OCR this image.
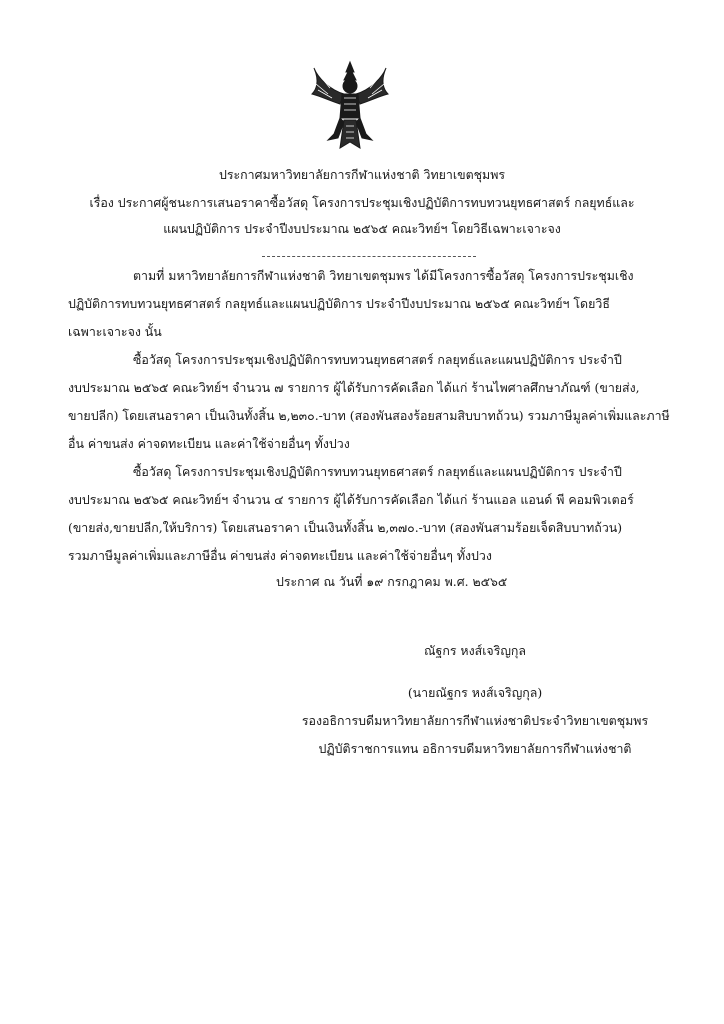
ประกาศมหาวิทยาลัยการกีฬาแห่งชาติ วิทยาเขตชุมพร
เรื่อง ประกาศผู้ชนะการเสนอราคาซื้อวัสดุ โครงการประชุมเชิงปฏิบัติการทบทวนยุทธศาสตร์ กลยุทธ์และ
แผนปฏิบัติการ ประจำปีงบประมาณ ๒๕๖๕ คณะวิทย์ฯ โดยวิธีเฉพาะเจาะจง
ตามที่ มหาวิทยาลัยการกีฬาแห่งชาติ วิทยาเขตชุมพร ได้มีโครงการซื้อวัสดุ โครงการประชุมเชิง
ปฏิบัติการทบทวนยุทธศาสตร์ กลยุทธ์และแผนปฏิบัติการ ประจำปีงบประมาณ ๒๕๖๕ คณะวิทย์ฯ โดยวิธี
เฉพาะเจาะจง นั้น
ซื้อวัสดุ โครงการประชุมเชิงปฏิบัติการทบทวนยุทธศาสตร์ กลยุทธ์และแผนปฏิบัติการ ประจำปี
งบประมาณ ๒๕๖๕ คณะวิทย์ฯ จำนวน ๗ รายการ ผู้ได้รับการคัดเลือก ได้แก่ ร้านไพศาลศึกษาภัณฑ์ (ขายส่ง,
ขายปลีก) โดยเสนอราคา เป็นเงินทั้งสิ้น ๒,๒๓๐.-บาท (สองพันสองร้อยสามสิบบาทถ้วน) รวมภาษีมูลค่าเพิ่มและภาษี
อื่น ค่าขนส่ง ค่าจดทะเบียน และค่าใช้จ่ายอื่นๆ ทั้งปวง
ซื้อวัสดุ โครงการประชุมเชิงปฏิบัติการทบทวนยุทธศาสตร์ กลยุทธ์และแผนปฏิบัติการ ประจำปี
งบประมาณ ๒๕๖๕ คณะวิทย์ฯ จำนวน ๔ รายการ ผู้ได้รับการคัดเลือก ได้แก่ ร้านแอล แอนด์ พี คอมพิวเตอร์
(ขายส่ง,ขายปลีก,ให้บริการ) โดยเสนอราคา เป็นเงินทั้งสิ้น ๒,๓๗๐.-บาท (สองพันสามร้อยเจ็ดสิบบาทถ้วน)
รวมภาษีมูลค่าเพิ่มและภาษีอื่น ค่าขนส่ง ค่าจดทะเบียน และค่าใช้จ่ายอื่นๆ ทั้งปวง
ประกาศ ณ วันที่ ๑๙ กรกฎาคม พ.ศ. ๒๕๖๕
ณัฐกร หงส์เจริญกุล
(นายณัฐกร หงส์เจริญกุล)
รองอธิการบดีมหาวิทยาลัยการกีฬาแห่งชาติประจำวิทยาเขตชุมพร
ปฏิบัติราชการแทน อธิการบดีมหาวิทยาลัยการกีฬาแห่งชาติ
